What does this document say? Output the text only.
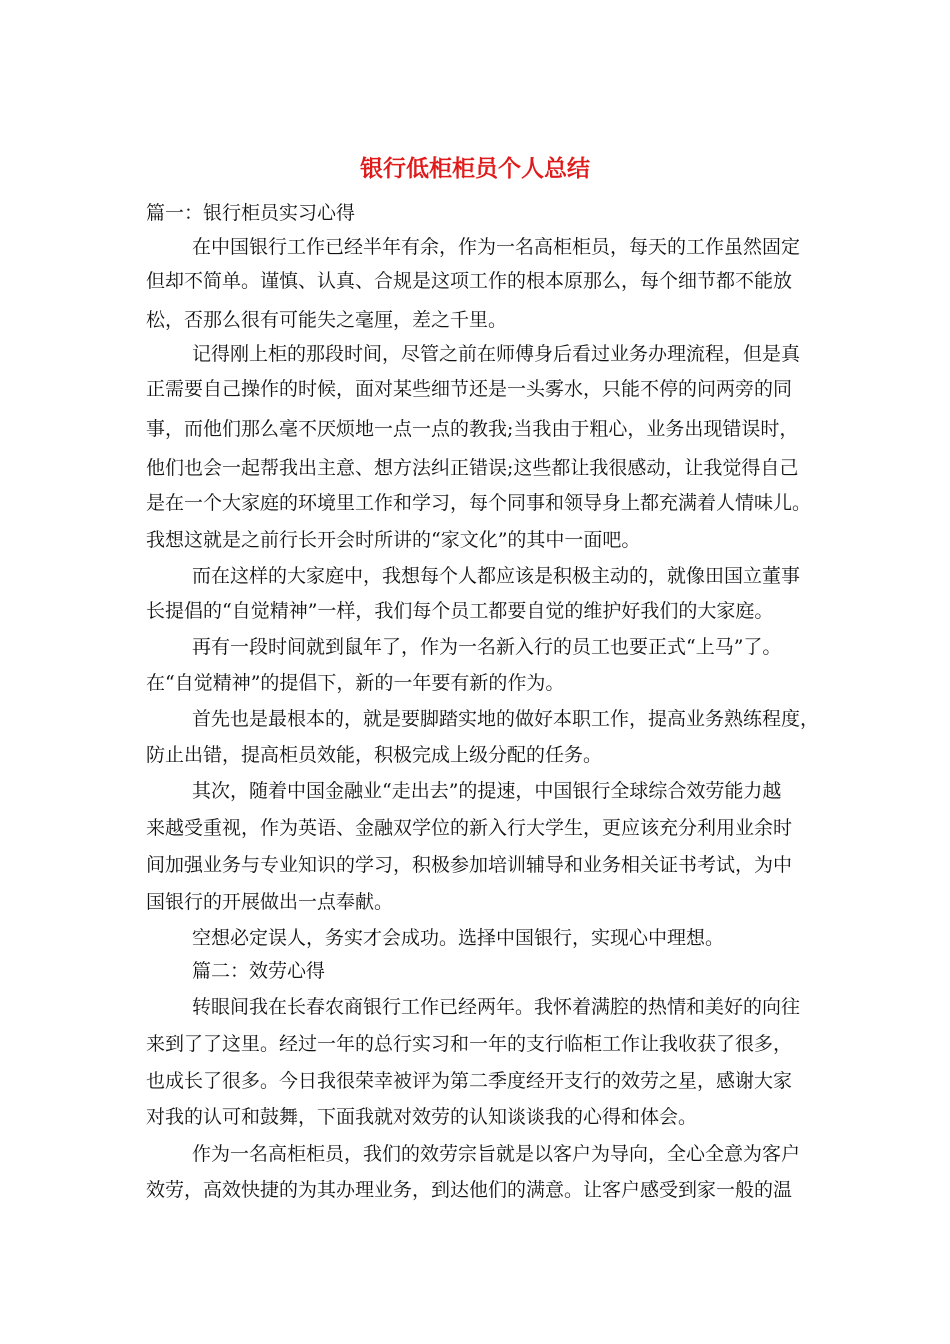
银行低柜柜员个人总结

篇一：银行柜员实习心得

在中国银行工作已经半年有余，作为一名高柜柜员，每天的工作虽然固定

但却不简单。谨慎、认真、合规是这项工作的根本原那么，每个细节都不能放

松，否那么很有可能失之毫厘，差之千里。

记得刚上柜的那段时间，尽管之前在师傅身后看过业务办理流程，但是真

正需要自己操作的时候，面对某些细节还是一头雾水，只能不停的问两旁的同

事，而他们那么毫不厌烦地一点一点的教我;当我由于粗心，业务出现错误时，

他们也会一起帮我出主意、想方法纠正错误;这些都让我很感动，让我觉得自己

是在一个大家庭的环境里工作和学习，每个同事和领导身上都充满着人情味儿。

我想这就是之前行长开会时所讲的“家文化”的其中一面吧。

而在这样的大家庭中，我想每个人都应该是积极主动的，就像田国立董事

长提倡的“自觉精神”一样，我们每个员工都要自觉的维护好我们的大家庭。

再有一段时间就到鼠年了，作为一名新入行的员工也要正式“上马”了。

在“自觉精神”的提倡下，新的一年要有新的作为。

首先也是最根本的，就是要脚踏实地的做好本职工作，提高业务熟练程度，

防止出错，提高柜员效能，积极完成上级分配的任务。

其次，随着中国金融业“走出去”的提速，中国银行全球综合效劳能力越

来越受重视，作为英语、金融双学位的新入行大学生，更应该充分利用业余时

间加强业务与专业知识的学习，积极参加培训辅导和业务相关证书考试，为中

国银行的开展做出一点奉献。

空想必定误人，务实才会成功。选择中国银行，实现心中理想。

篇二：效劳心得

转眼间我在长春农商银行工作已经两年。我怀着满腔的热情和美好的向往

来到了了这里。经过一年的总行实习和一年的支行临柜工作让我收获了很多，

也成长了很多。今日我很荣幸被评为第二季度经开支行的效劳之星，感谢大家

对我的认可和鼓舞，下面我就对效劳的认知谈谈我的心得和体会。

作为一名高柜柜员，我们的效劳宗旨就是以客户为导向，全心全意为客户

效劳，高效快捷的为其办理业务，到达他们的满意。让客户感受到家一般的温
